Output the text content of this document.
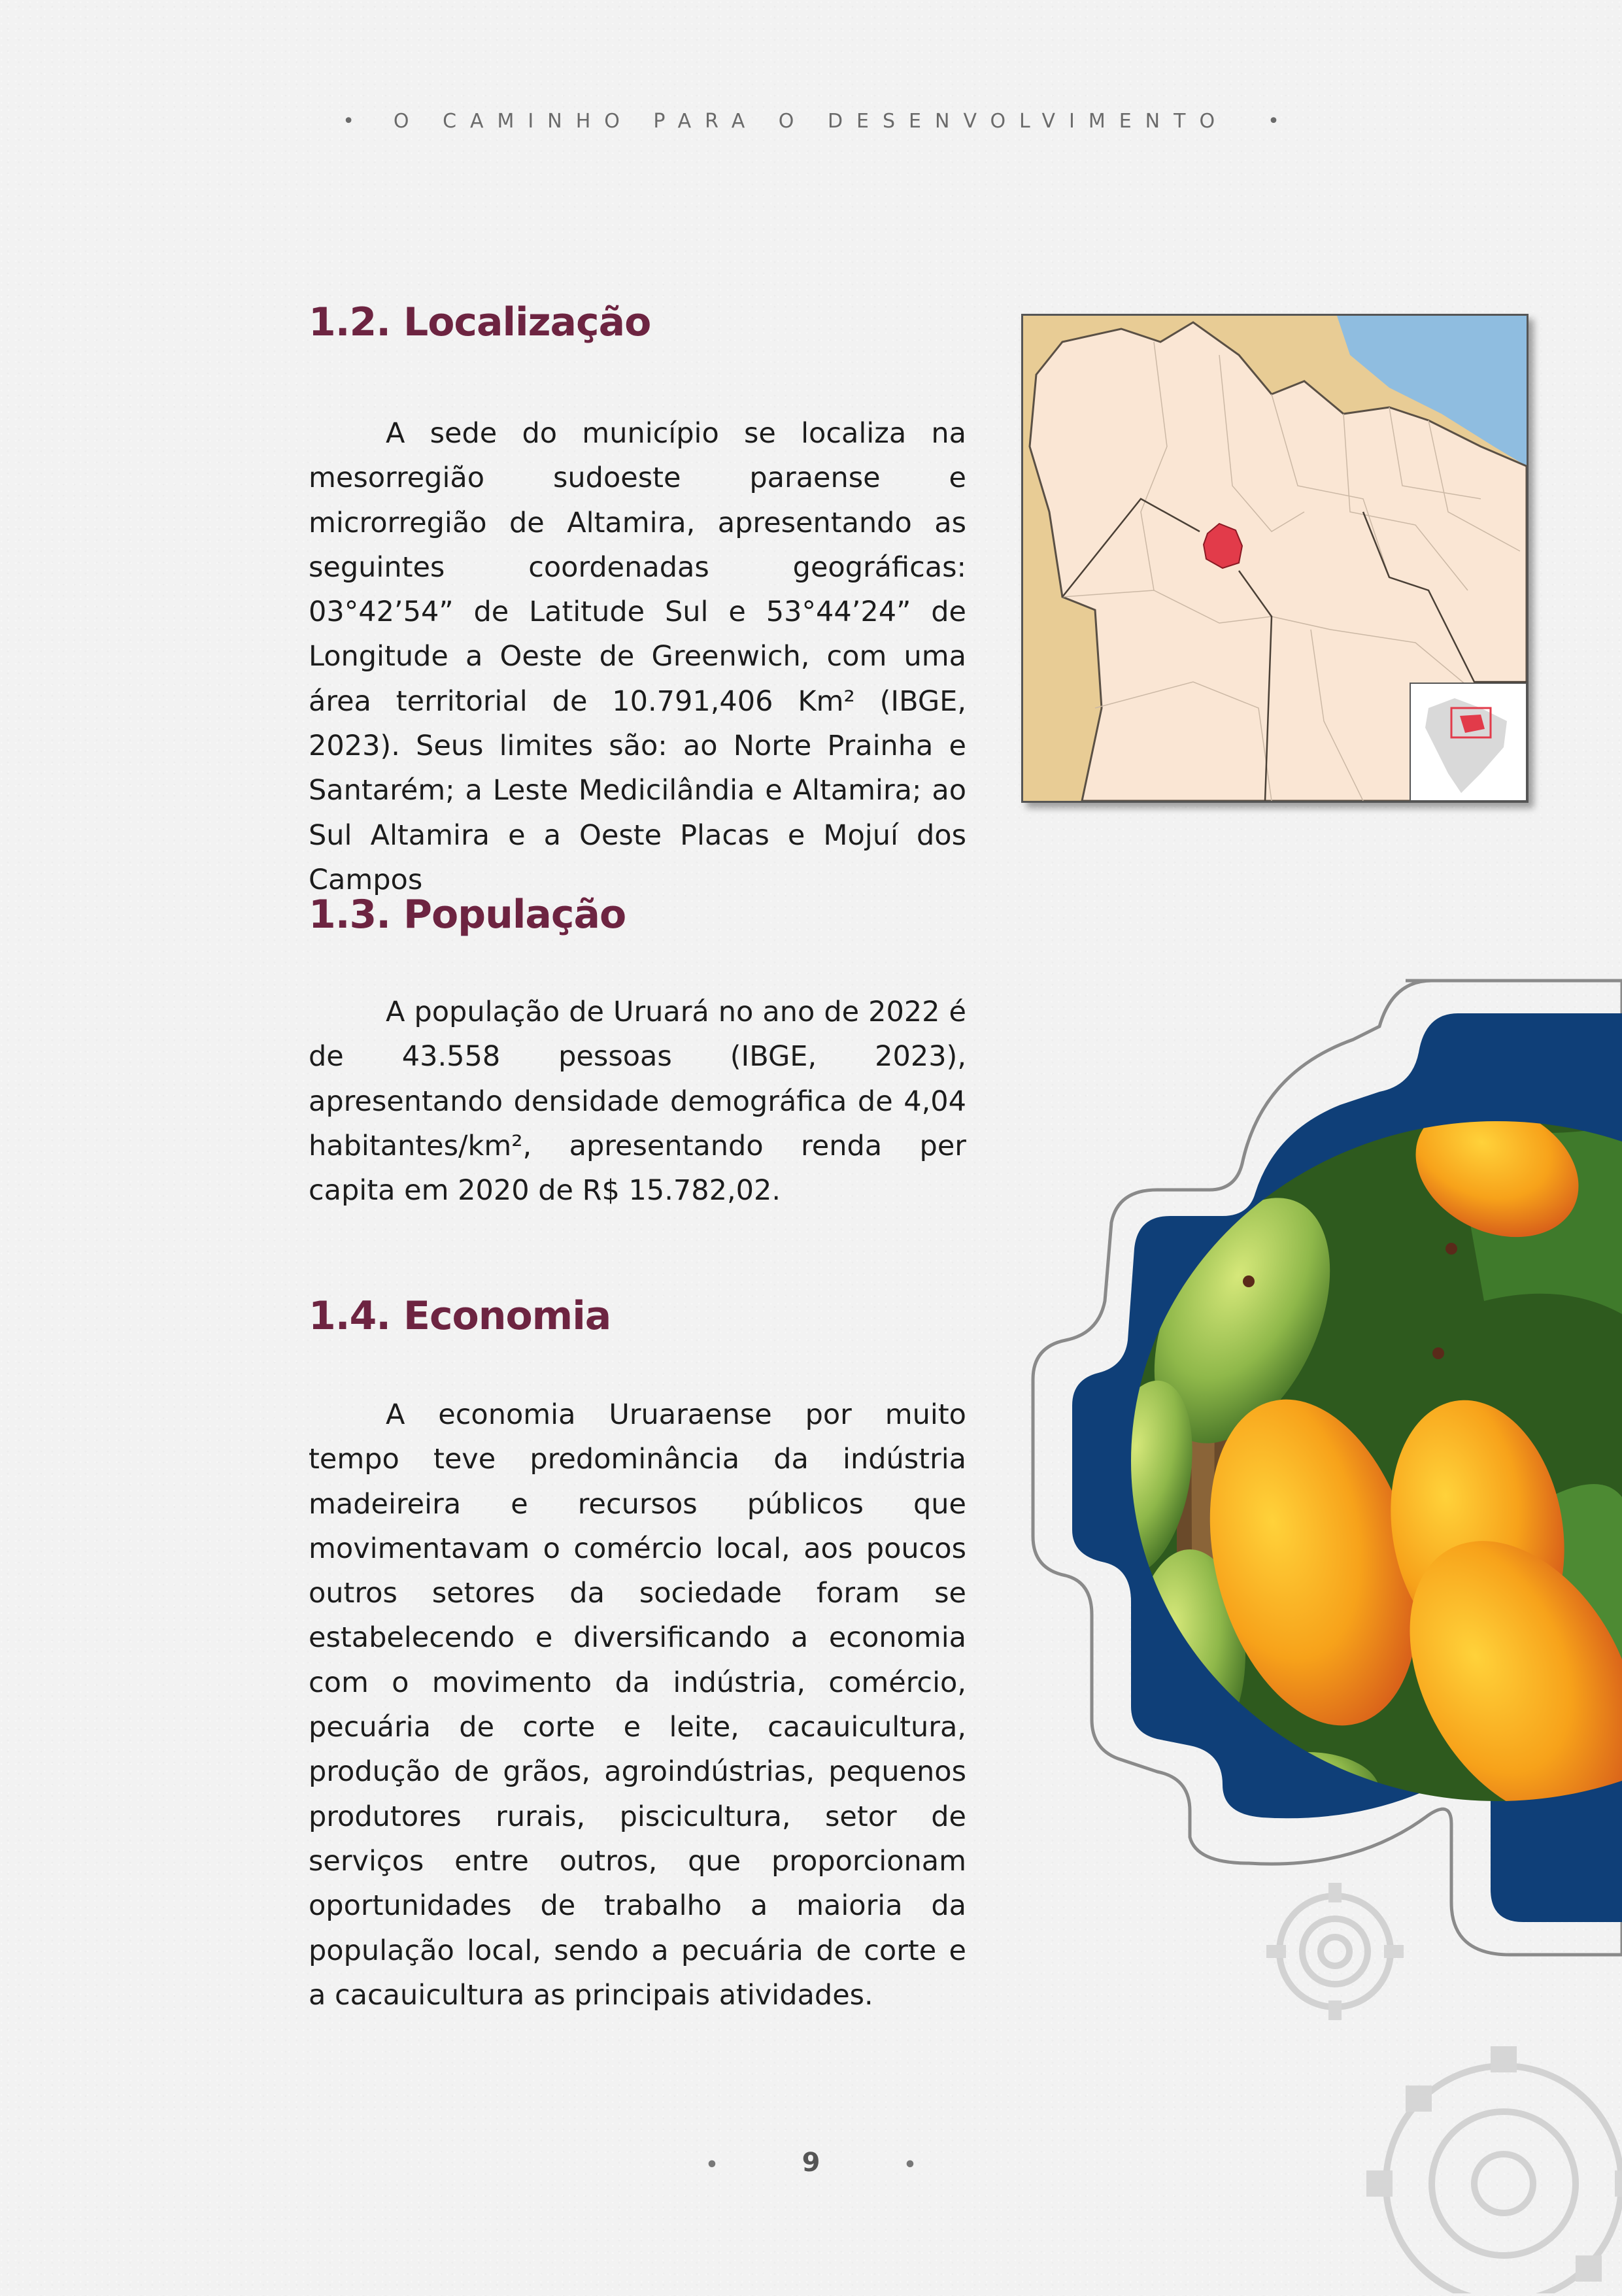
• O CAMINHO PARA O DESENVOLVIMENTO •
1.2. Localização

A sede do município se localiza na mesorregião sudoeste paraense e microrregião de Altamira, apresentando as seguintes coordenadas geográficas: 03°42’54” de Latitude Sul e 53°44’24” de Longitude a Oeste de Greenwich, com uma área territorial de 10.791,406 Km² (IBGE, 2023). Seus limites são: ao Norte Prainha e Santarém; a Leste Medicilândia e Altamira; ao Sul Altamira e a Oeste Placas e Mojuí dos Campos

1.3. População

A população de Uruará no ano de 2022 é de 43.558 pessoas (IBGE, 2023), apresentando densidade demográfica de 4,04 habitantes/km², apresentando renda per capita em 2020 de R$ 15.782,02.

1.4. Economia

A economia Uruaraense por muito tempo teve predominância da indústria madeireira e recursos públicos que movimentavam o comércio local, aos poucos outros setores da sociedade foram se estabelecendo e diversificando a economia com o movimento da indústria, comércio, pecuária de corte e leite, cacauicultura, produção de grãos, agroindústrias, pequenos produtores rurais, piscicultura, setor de serviços entre outros, que proporcionam oportunidades de trabalho a maioria da população local, sendo a pecuária de corte e a cacauicultura as principais atividades.

•	9	•
